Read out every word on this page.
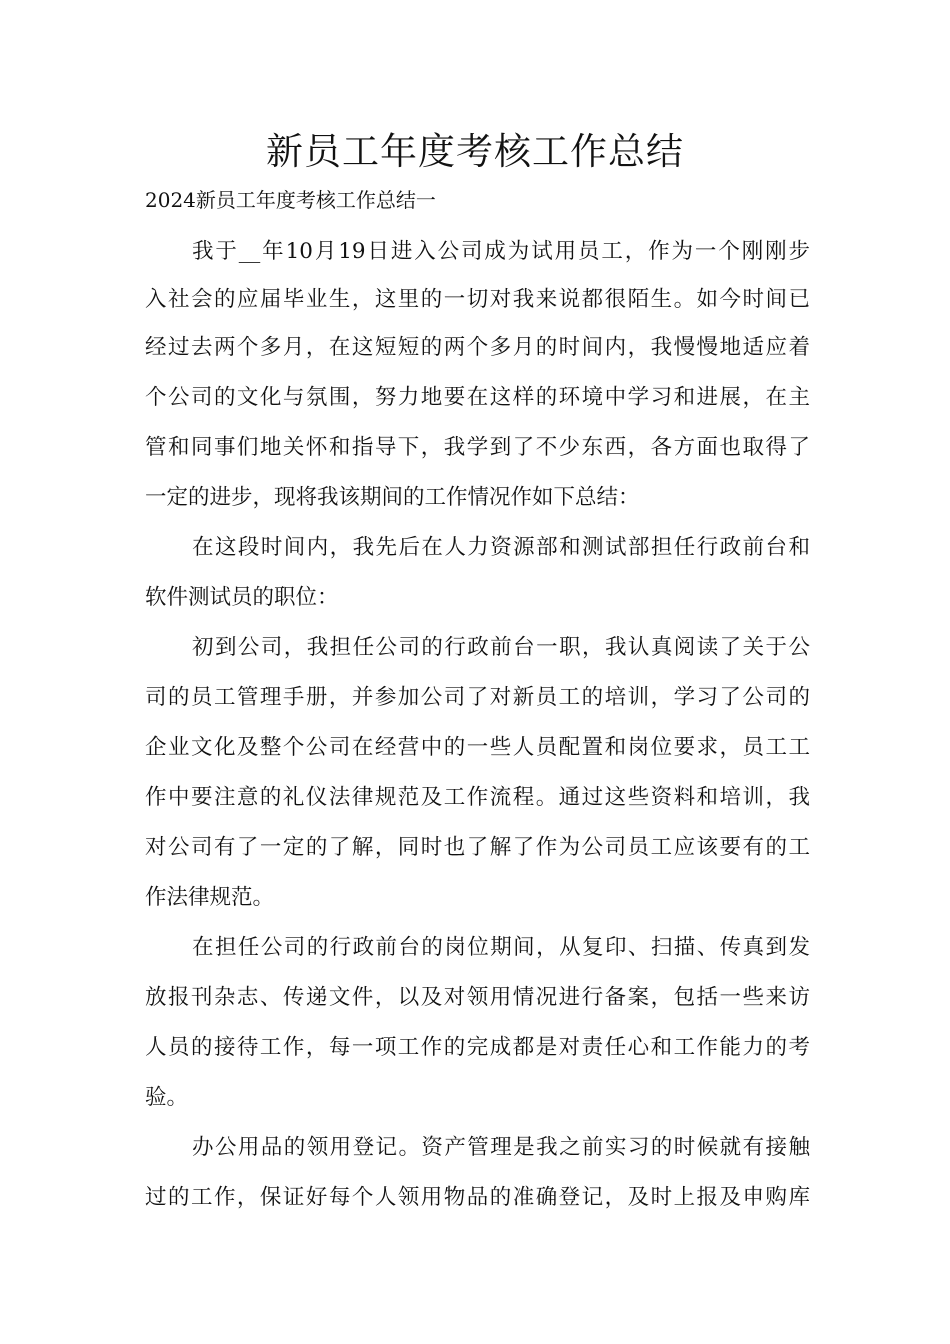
新员工年度考核工作总结

2024新员工年度考核工作总结一

我于__年10月19日进入公司成为试用员工，作为一个刚刚步

入社会的应届毕业生，这里的一切对我来说都很陌生。如今时间已

经过去两个多月，在这短短的两个多月的时间内，我慢慢地适应着

个公司的文化与氛围，努力地要在这样的环境中学习和进展，在主

管和同事们地关怀和指导下，我学到了不少东西，各方面也取得了

一定的进步，现将我该期间的工作情况作如下总结：

在这段时间内，我先后在人力资源部和测试部担任行政前台和

软件测试员的职位：

初到公司，我担任公司的行政前台一职，我认真阅读了关于公

司的员工管理手册，并参加公司了对新员工的培训，学习了公司的

企业文化及整个公司在经营中的一些人员配置和岗位要求，员工工

作中要注意的礼仪法律规范及工作流程。通过这些资料和培训，我

对公司有了一定的了解，同时也了解了作为公司员工应该要有的工

作法律规范。

在担任公司的行政前台的岗位期间，从复印、扫描、传真到发

放报刊杂志、传递文件，以及对领用情况进行备案，包括一些来访

人员的接待工作，每一项工作的完成都是对责任心和工作能力的考

验。

办公用品的领用登记。资产管理是我之前实习的时候就有接触

过的工作，保证好每个人领用物品的准确登记，及时上报及申购库
